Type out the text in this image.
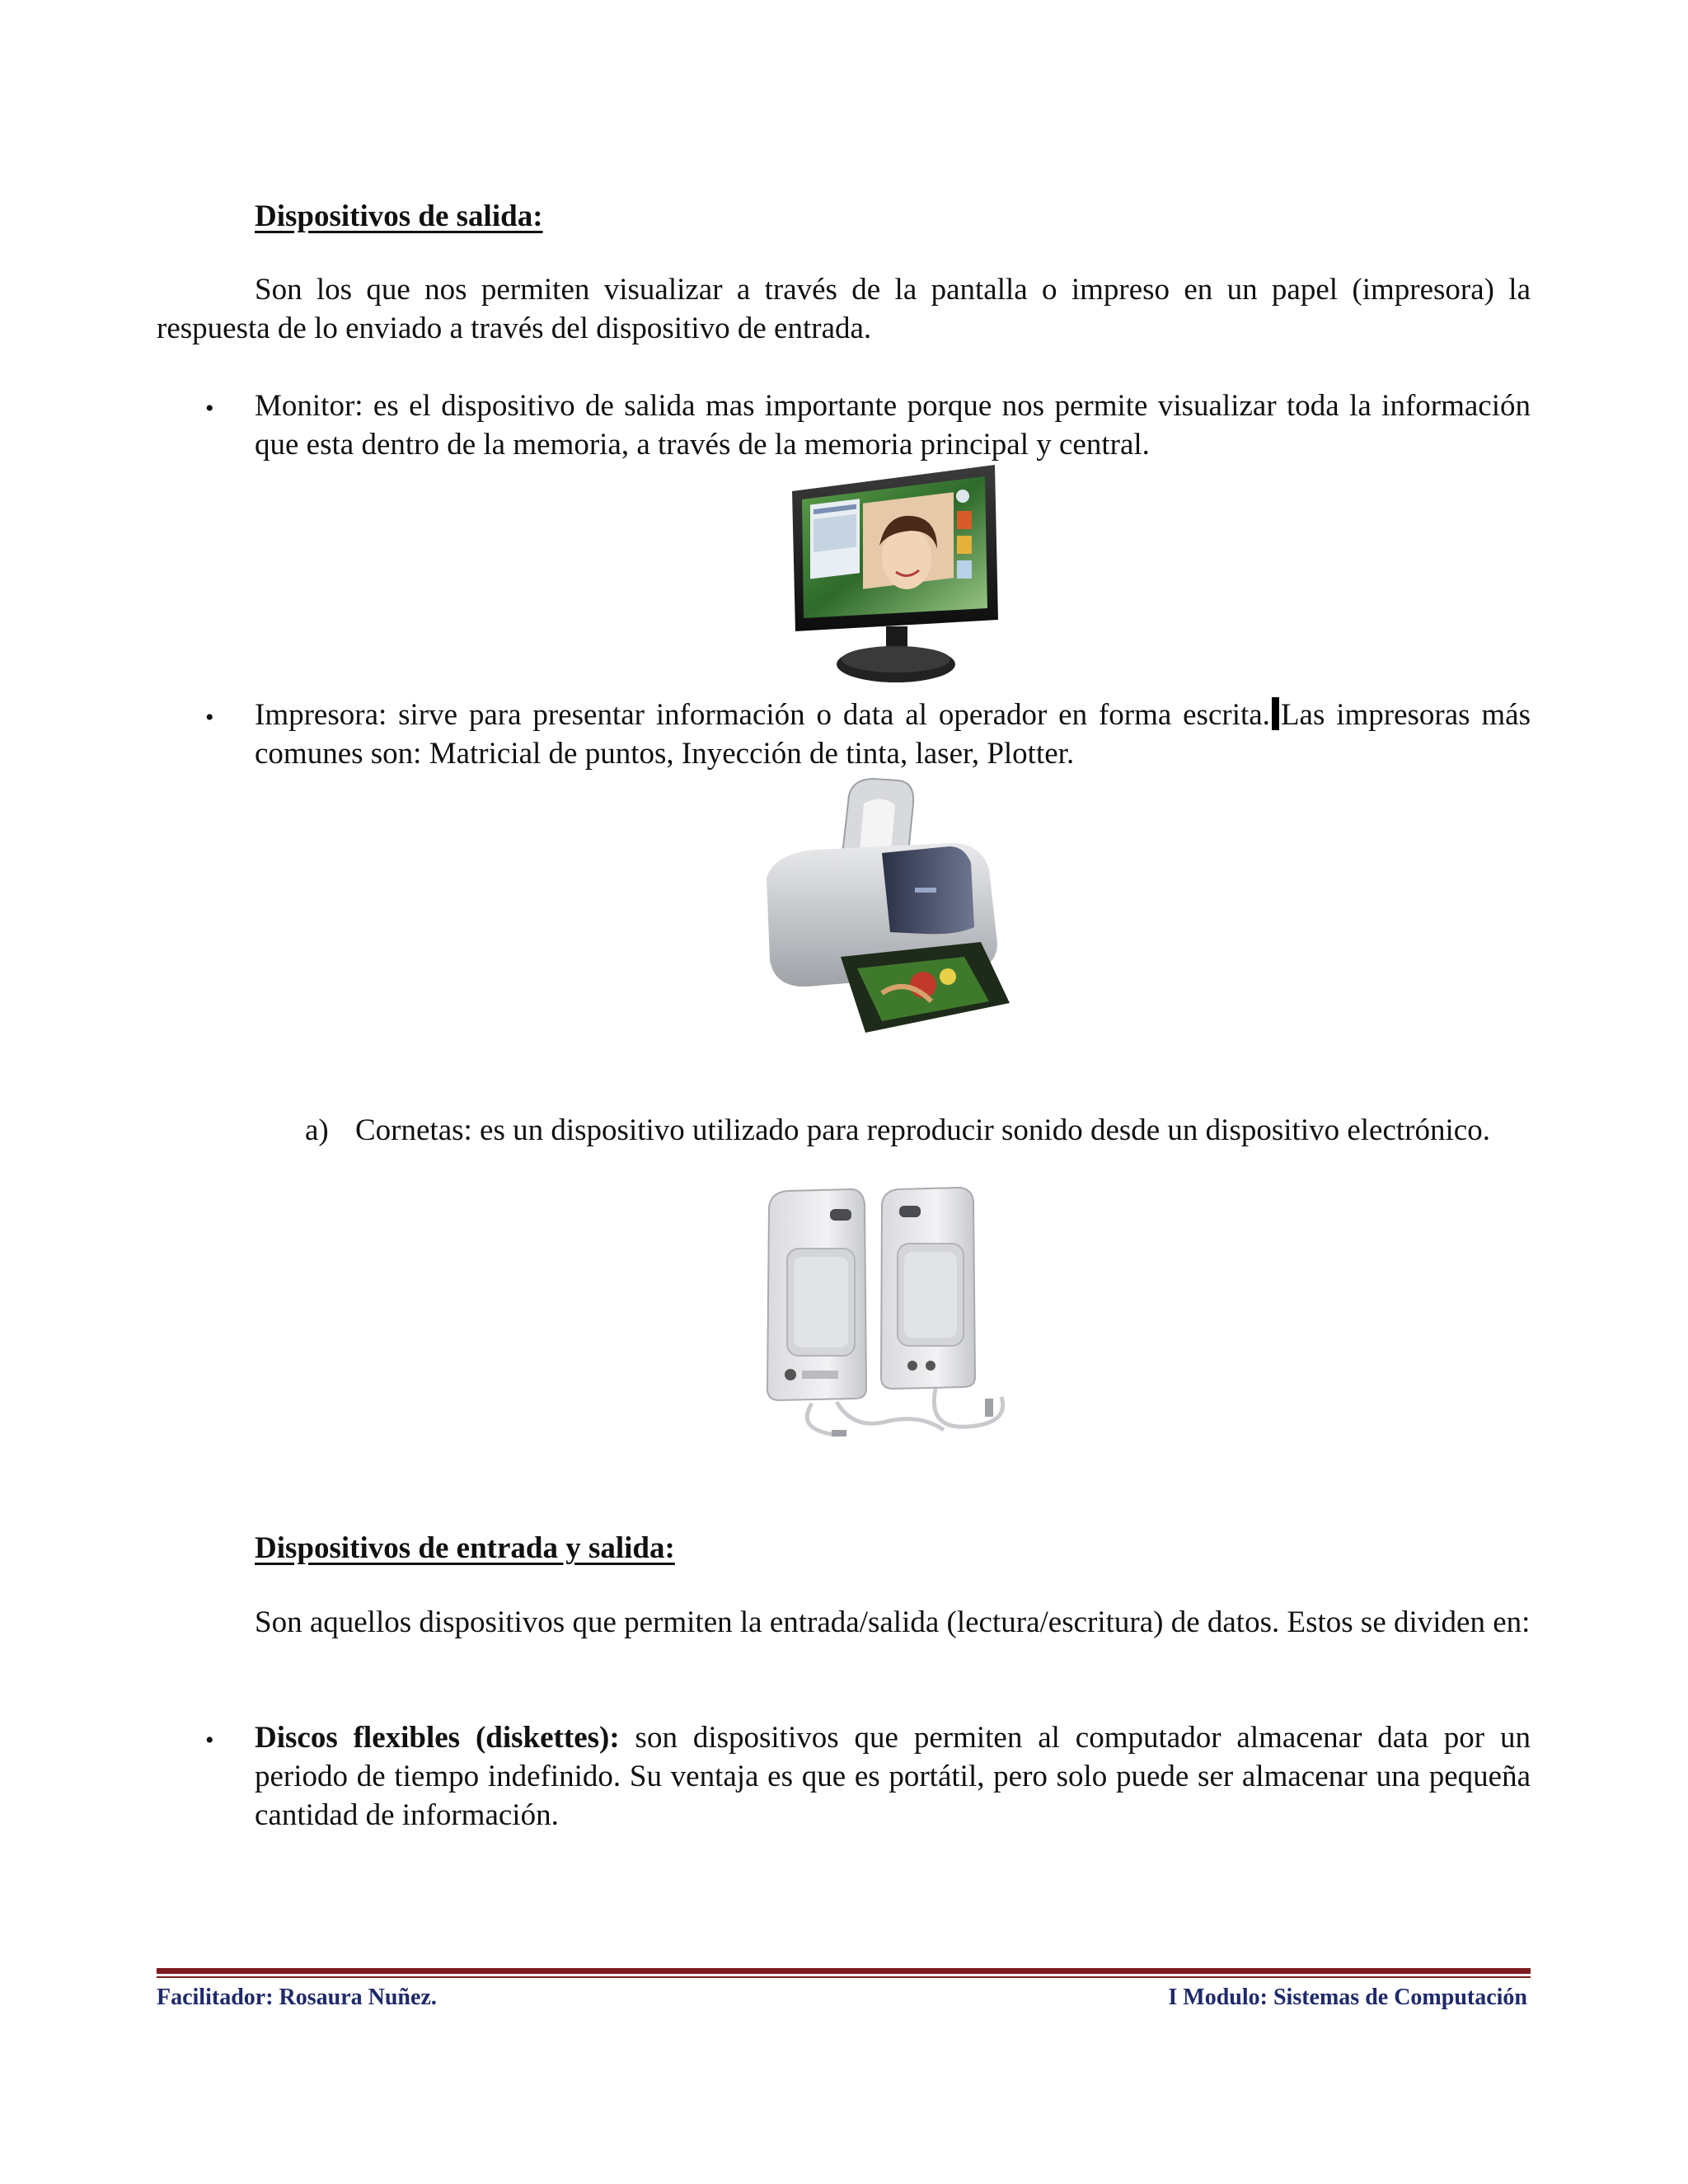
Dispositivos de salida:

Son los que nos permiten visualizar a través de la pantalla o impreso en un papel (impresora) la respuesta de lo enviado a través del dispositivo de entrada.

• Monitor: es el dispositivo de salida mas importante porque nos permite visualizar toda la información que esta dentro de la memoria, a través de la memoria principal y central.

• Impresora: sirve para presentar información o data al operador en forma escrita. Las impresoras más comunes son: Matricial de puntos, Inyección de tinta, laser, Plotter.

a) Cornetas: es un dispositivo utilizado para reproducir sonido desde un dispositivo electrónico.

Dispositivos de entrada y salida:

Son aquellos dispositivos que permiten la entrada/salida (lectura/escritura) de datos. Estos se dividen en:

• Discos flexibles (diskettes): son dispositivos que permiten al computador almacenar data por un periodo de tiempo indefinido. Su ventaja es que es portátil, pero solo puede ser almacenar una pequeña cantidad de información.

Facilitador: Rosaura Nuñez.	I Modulo: Sistemas de Computación
